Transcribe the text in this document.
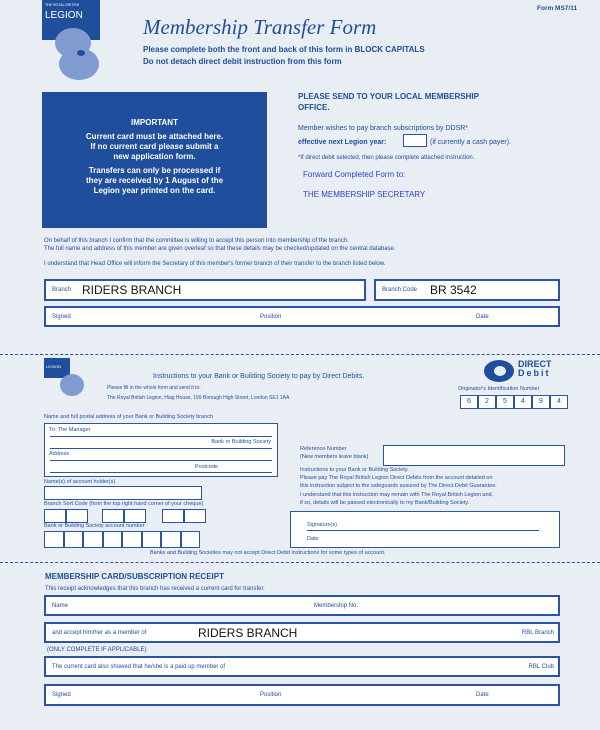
THE ROYAL BRITISH
LEGION
Form MS7/11
Membership Transfer Form
Please complete both the front and back of this form in BLOCK CAPITALS
Do not detach direct debit instruction from this form
IMPORTANT
Current card must be attached here.
If no current card please submit a
new application form.
Transfers can only be processed if
they are received by 1 August of the
Legion year printed on the card.
PLEASE SEND TO YOUR LOCAL MEMBERSHIP
OFFICE.
Member wishes to pay branch subscriptions by DDSR*
effective next Legion year:	(if currently a cash payer).
*If direct debit selected, then please complete attached instruction.
Forward Completed Form to:
THE MEMBERSHIP SECRETARY
On behalf of this branch I confirm that the committee is willing to accept this person into membership of the branch.
The full name and address of this member are given overleaf so that these details may be checked/updated on the central database.
I understand that Head Office will inform the Secretary of this member's former branch of their transfer to the branch listed below.
Branch RIDERS BRANCH	Branch Code BR 3542
Signed	Position	Date
LEGION
Instructions to your Bank or Building Society to pay by Direct Debits.
Please fill in the whole form and send it to:
The Royal British Legion, Haig House, 199 Borough High Street, London SE1 1AA
DIRECT
Debit
Originator's Identification Number
6	2	5	4	9	4
Name and full postal address of your Bank or Building Society branch
To: The Manager
Bank or Building Society
Address
Postcode
Name(s) of account holder(s)
Branch Sort Code (from the top right hand corner of your cheque)
Bank or Building Society account number
Reference Number
(New members leave blank)
Instructions to your Bank or Building Society.
Please pay The Royal British Legion Direct Debits from the account detailed on
this instruction subject to the safeguards assured by The Direct Debit Guarantee.
I understand that this instruction may remain with The Royal British Legion and,
if so, details will be passed electronically to my Bank/Building Society.
Signature(s)
Date
Banks and Building Societies may not accept Direct Debit instructions for some types of account.
MEMBERSHIP CARD/SUBSCRIPTION RECEIPT
This receipt acknowledges that this branch has received a current card for transfer.
Name	Membership No.
and accept him/her as a member of	RIDERS BRANCH	RBL Branch
(ONLY COMPLETE IF APPLICABLE)
The current card also showed that he/she is a paid up member of	RBL Club
Signed	Position	Date
